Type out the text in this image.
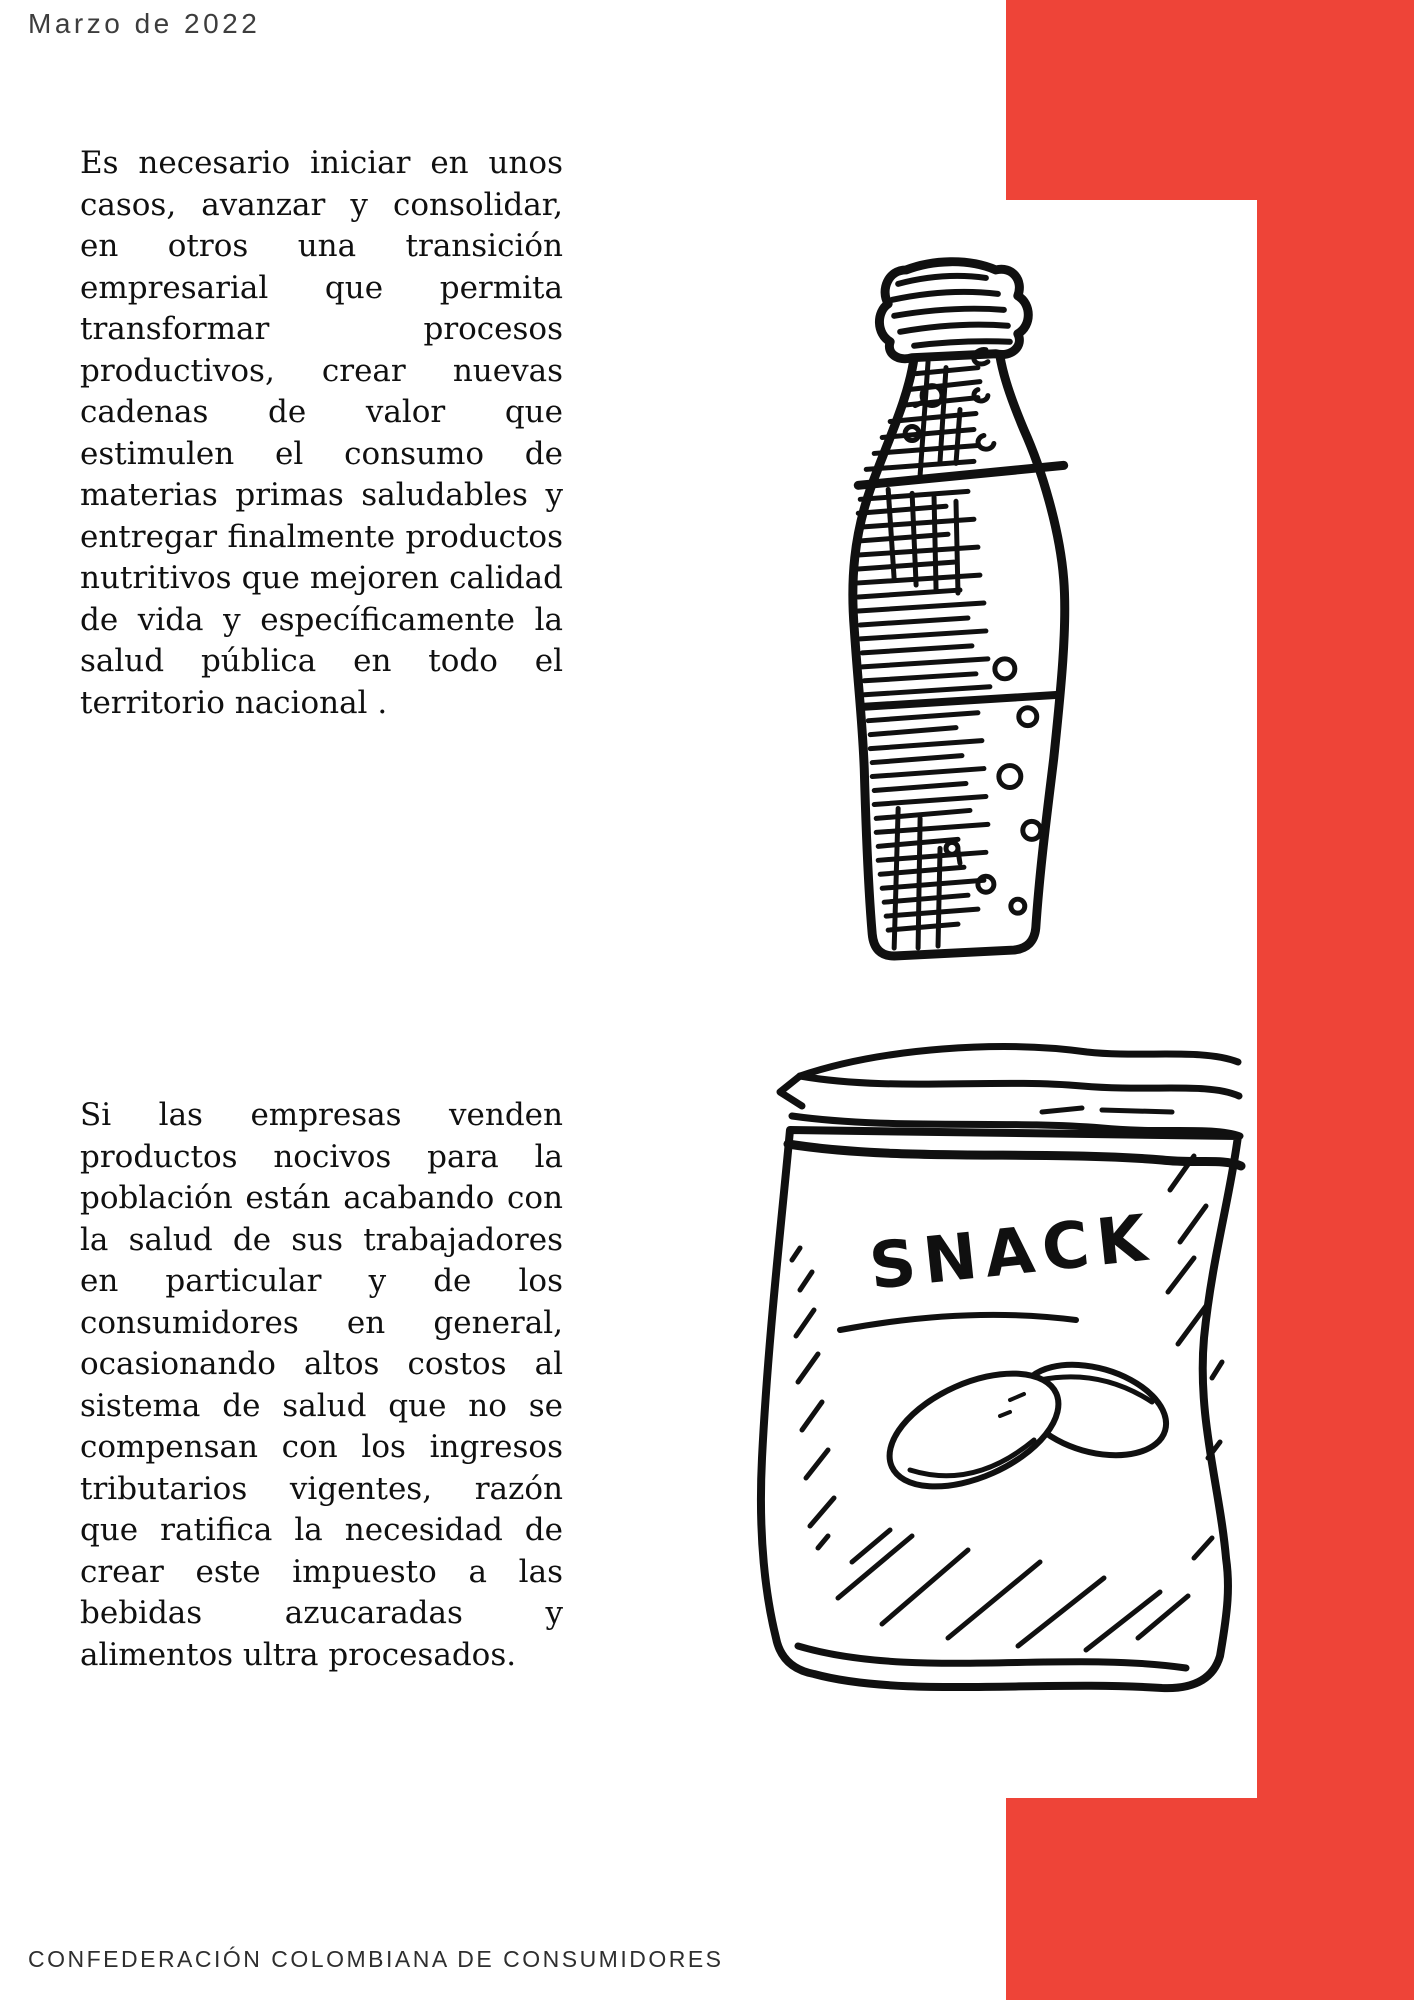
Marzo de 2022

Es necesario iniciar en unos casos, avanzar y consolidar, en otros una transición empresarial que permita transformar procesos productivos, crear nuevas cadenas de valor que estimulen el consumo de materias primas saludables y entregar finalmente productos nutritivos que mejoren calidad de vida y específicamente la salud pública en todo el territorio nacional .

Si las empresas venden productos nocivos para la población están acabando con la salud de sus trabajadores en particular y de los consumidores en general, ocasionando altos costos al sistema de salud que no se compensan con los ingresos tributarios vigentes, razón que ratifica la necesidad de crear este impuesto a las bebidas azucaradas y alimentos ultra procesados.

SNACK
CONFEDERACIÓN COLOMBIANA DE CONSUMIDORES
